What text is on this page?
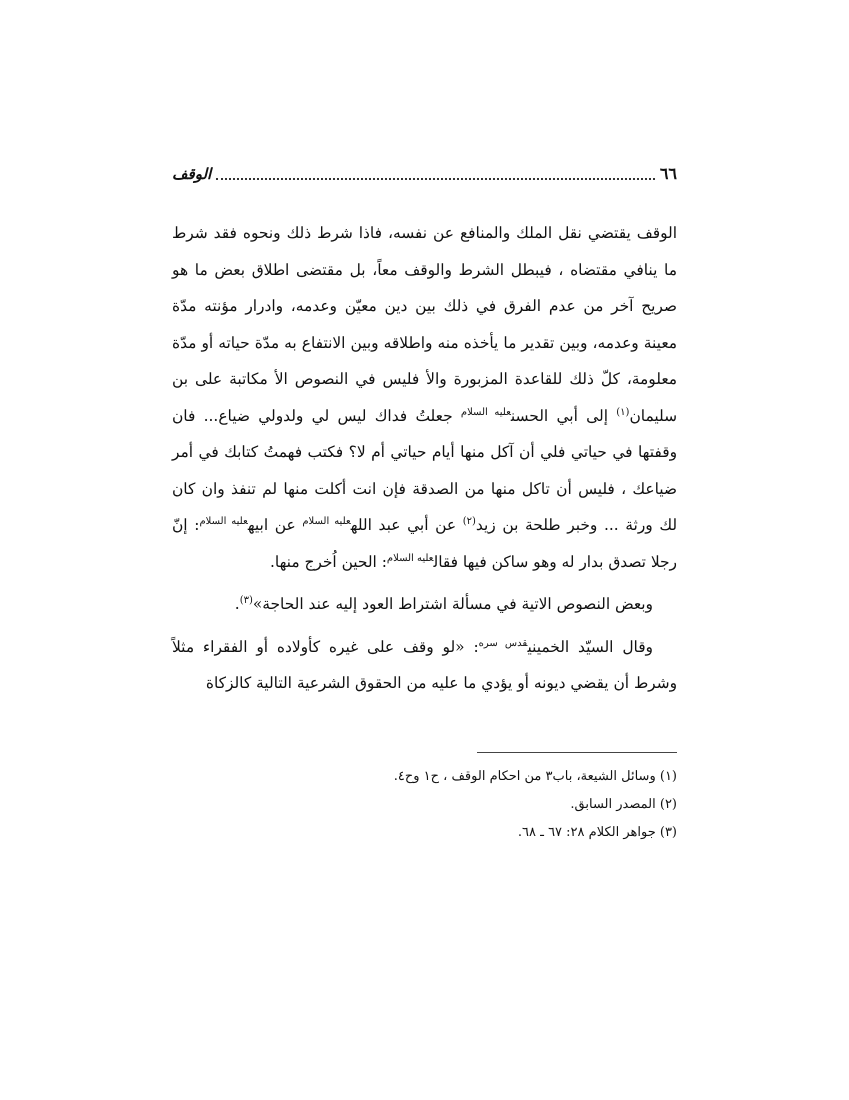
٦٦
الوقف

الوقف يقتضي نقل الملك والمنافع عن نفسه، فاذا شرط ذلك ونحوه فقد شرط ما ينافي مقتضاه ، فيبطل الشرط والوقف معاً، بل مقتضى اطلاق بعض ما هو صريح آخر من عدم الفرق في ذلك بين دين معيّن وعدمه، وادرار مؤنته مدّة معينة وعدمه، وبين تقدير ما يأخذه منه واطلاقه وبين الانتفاع به مدّة حياته أو مدّة معلومة، كلّ ذلك للقاعدة المزبورة والأ فليس في النصوص الأ مكاتبة على بن سليمان$^{(١)}$ إلى أبي الحسن$^{عليه السلام}$ جعلتُ فداك ليس لي ولدولي ضياع... فان وقفتها في حياتي فلي أن آكل منها أيام حياتي أم لا؟ فكتب فهمتُ كتابك في أمر ضياعك ، فليس أن تاكل منها من الصدقة فإن انت أكلت منها لم تنفذ وان كان لك ورثة ... وخبر طلحة بن زيد$^{(٢)}$ عن أبي عبد الله$^{عليه السلام}$ عن ابيه$^{عليه السلام}$: إنّ رجلا تصدق بدار له وهو ساكن فيها فقال$^{عليه السلام}$: الحين اُخرج منها.

وبعض النصوص الاتية في مسألة اشتراط العود إليه عند الحاجة»$^{(٣)}$.

وقال السيّد الخميني$^{قدس سره}$: «لو وقف على غيره كأولاده أو الفقراء مثلاً وشرط أن يقضي ديونه أو يؤدي ما عليه من الحقوق الشرعية التالية كالزكاة

(١) وسائل الشيعة، باب٣ من احكام الوقف ، ح١ وح٤.

(٢) المصدر السابق.

(٣) جواهر الكلام ٢٨: ٦٧ ـ ٦٨.
